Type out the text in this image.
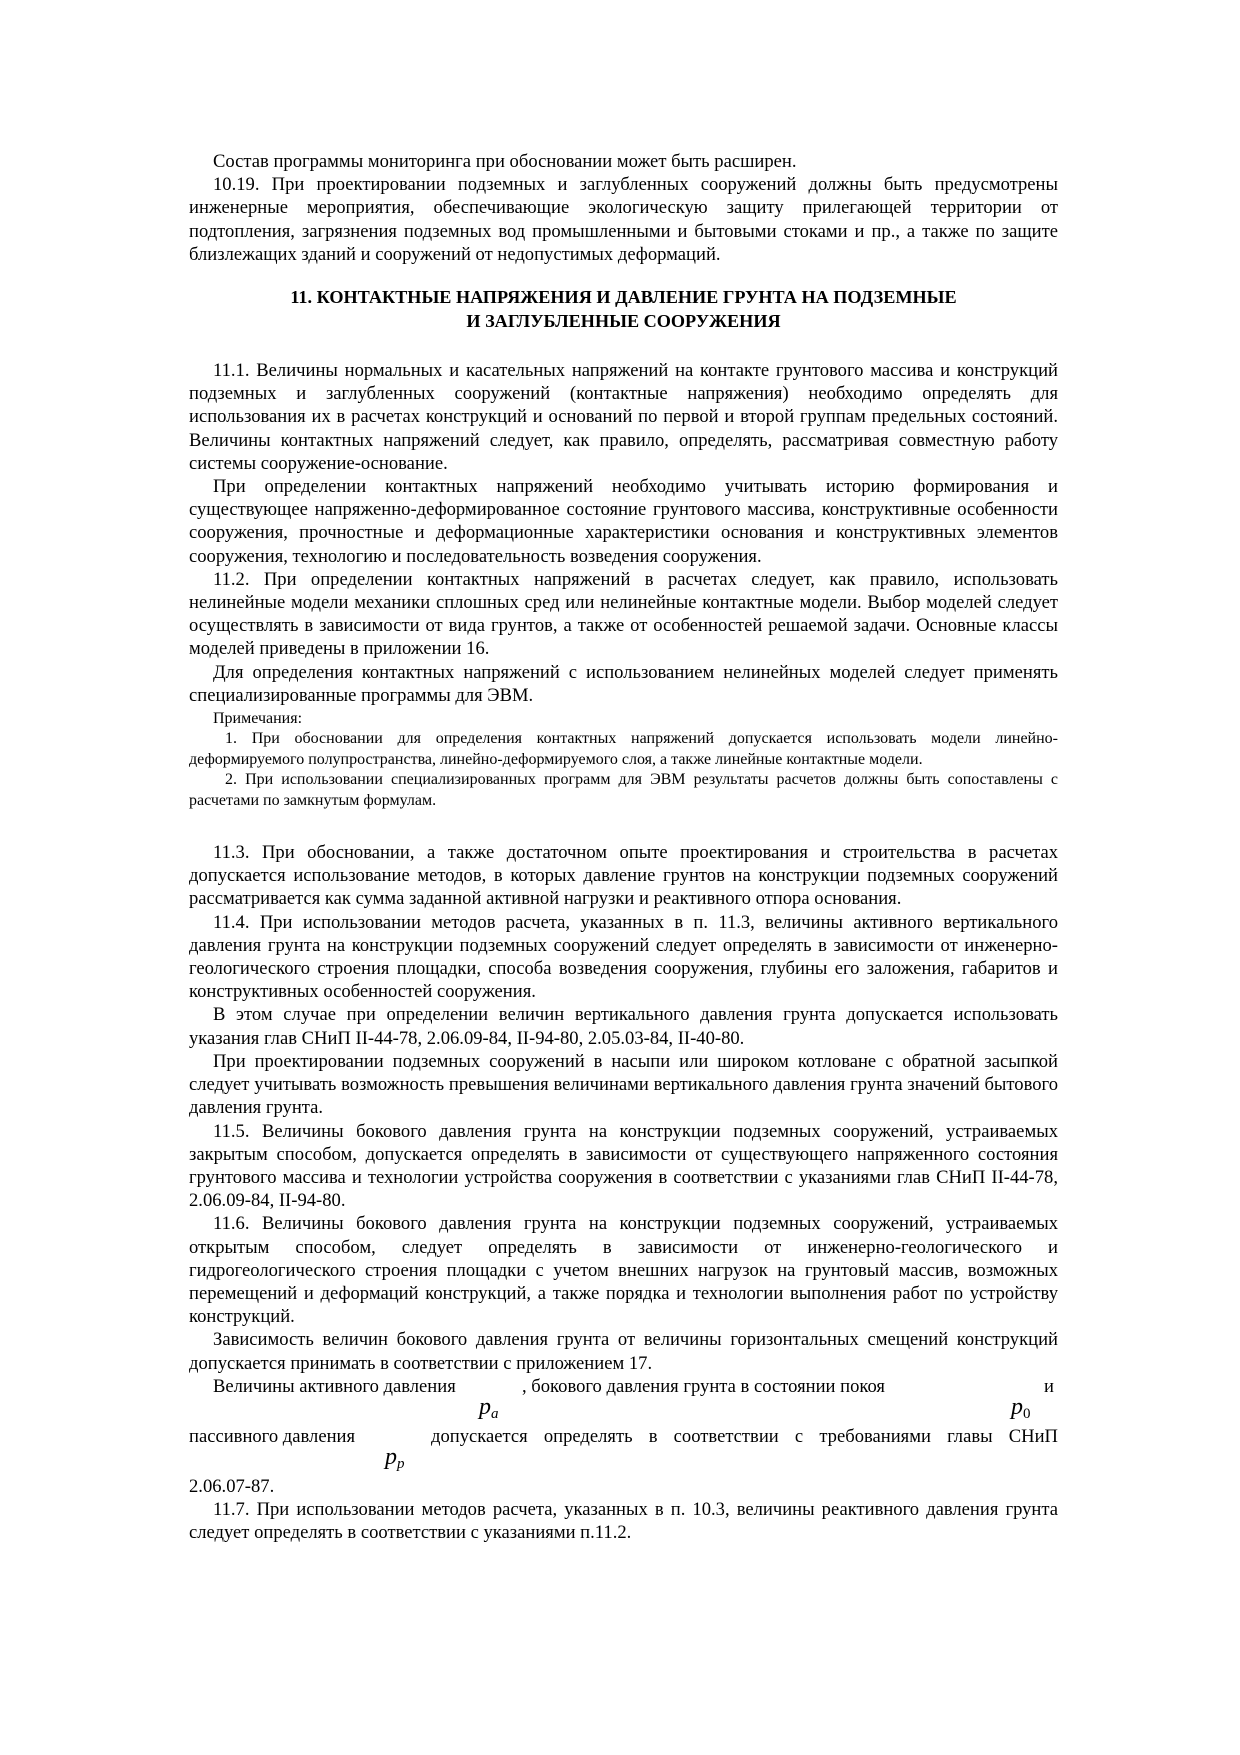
Состав программы мониторинга при обосновании может быть расширен.

10.19. При проектировании подземных и заглубленных сооружений должны быть предусмотрены инженерные мероприятия, обеспечивающие экологическую защиту прилегающей территории от подтопления, загрязнения подземных вод промышленными и бытовыми стоками и пр., а также по защите близлежащих зданий и сооружений от недопустимых деформаций.

11. КОНТАКТНЫЕ НАПРЯЖЕНИЯ И ДАВЛЕНИЕ ГРУНТА НА ПОДЗЕМНЫЕ
И ЗАГЛУБЛЕННЫЕ СООРУЖЕНИЯ

11.1. Величины нормальных и касательных напряжений на контакте грунтового массива и конструкций подземных и заглубленных сооружений (контактные напряжения) необходимо определять для использования их в расчетах конструкций и оснований по первой и второй группам предельных состояний. Величины контактных напряжений следует, как правило, определять, рассматривая совместную работу системы сооружение-основание.

При определении контактных напряжений необходимо учитывать историю формирования и существующее напряженно-деформированное состояние грунтового массива, конструктивные особенности сооружения, прочностные и деформационные характеристики основания и конструктивных элементов сооружения, технологию и последовательность возведения сооружения.

11.2. При определении контактных напряжений в расчетах следует, как правило, использовать нелинейные модели механики сплошных сред или нелинейные контактные модели. Выбор моделей следует осуществлять в зависимости от вида грунтов, а также от особенностей решаемой задачи. Основные классы моделей приведены в приложении 16.

Для определения контактных напряжений с использованием нелинейных моделей следует применять специализированные программы для ЭВМ.

Примечания:
1. При обосновании для определения контактных напряжений допускается использовать модели линейно-деформируемого полупространства, линейно-деформируемого слоя, а также линейные контактные модели.
2. При использовании специализированных программ для ЭВМ результаты расчетов должны быть сопоставлены с расчетами по замкнутым формулам.

11.3. При обосновании, а также достаточном опыте проектирования и строительства в расчетах допускается использование методов, в которых давление грунтов на конструкции подземных сооружений рассматривается как сумма заданной активной нагрузки и реактивного отпора основания.

11.4. При использовании методов расчета, указанных в п. 11.3, величины активного вертикального давления грунта на конструкции подземных сооружений следует определять в зависимости от инженерно-геологического строения площадки, способа возведения сооружения, глубины его заложения, габаритов и конструктивных особенностей сооружения.

В этом случае при определении величин вертикального давления грунта допускается использовать указания глав СНиП II-44-78, 2.06.09-84, II-94-80, 2.05.03-84, II-40-80.

При проектировании подземных сооружений в насыпи или широком котловане с обратной засыпкой следует учитывать возможность превышения величинами вертикального давления грунта значений бытового давления грунта.

11.5. Величины бокового давления грунта на конструкции подземных сооружений, устраиваемых закрытым способом, допускается определять в зависимости от существующего напряженного состояния грунтового массива и технологии устройства сооружения в соответствии с указаниями глав СНиП II-44-78, 2.06.09-84, II-94-80.

11.6. Величины бокового давления грунта на конструкции подземных сооружений, устраиваемых открытым способом, следует определять в зависимости от инженерно-геологического и гидрогеологического строения площадки с учетом внешних нагрузок на грунтовый массив, возможных перемещений и деформаций конструкций, а также порядка и технологии выполнения работ по устройству конструкций.

Зависимость величин бокового давления грунта от величины горизонтальных смещений конструкций допускается принимать в соответствии с приложением 17.

Величины активного давления	, бокового давления грунта в состоянии покоя	и
$p_a$	$p_0$
пассивного давления	допускается определять в соответствии с требованиями главы СНиП
$p_p$

2.06.07-87.

11.7. При использовании методов расчета, указанных в п. 10.3, величины реактивного давления грунта следует определять в соответствии с указаниями п.11.2.
